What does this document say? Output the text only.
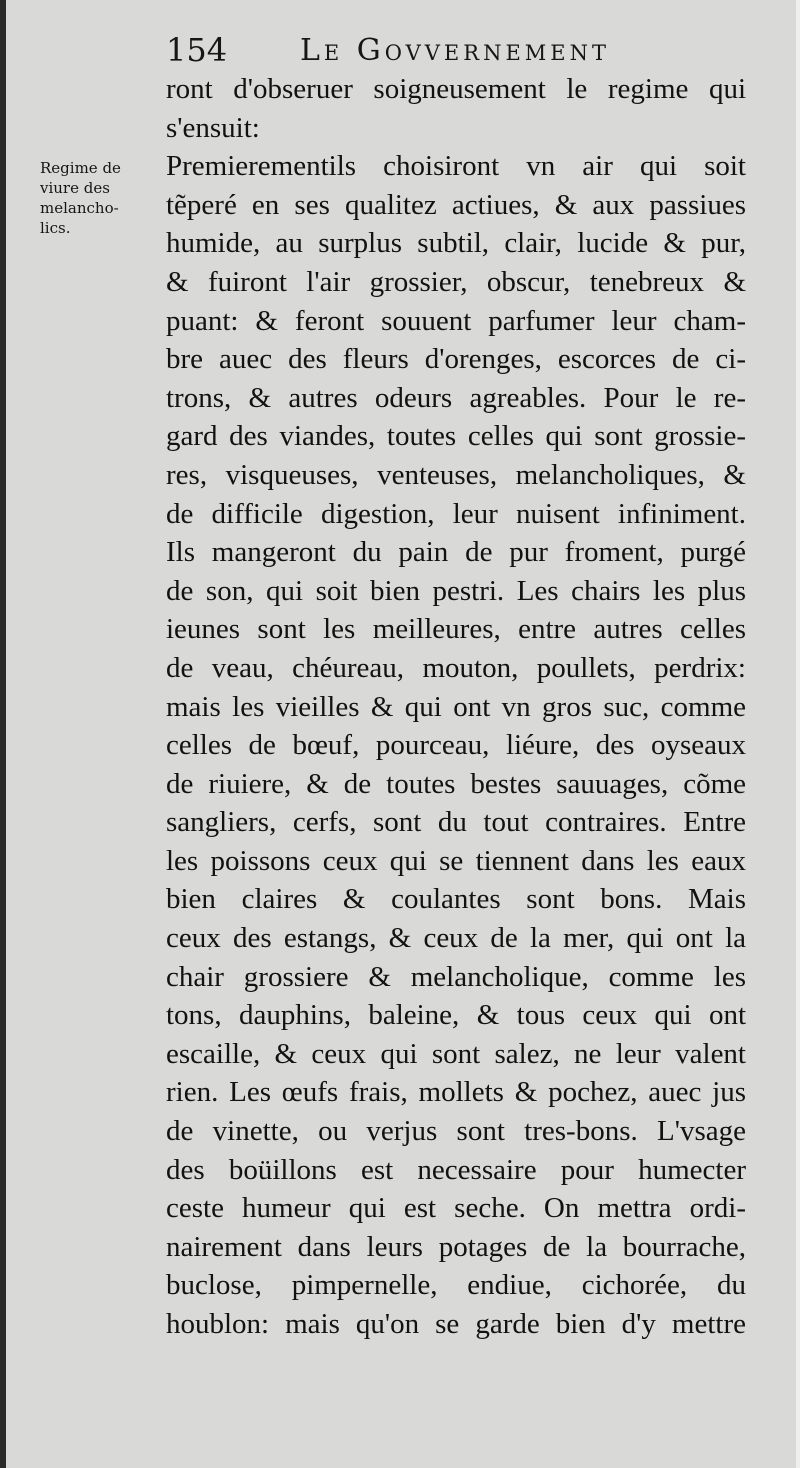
154 Le Govvernement
Regime de
viure des
melancho-
lics.
ront d'obseruer soigneusement le regime qui
s'ensuit:
Premierementils choisiront vn air qui soit
tẽperé en ses qualitez actiues, & aux passiues
humide, au surplus subtil, clair, lucide & pur,
& fuiront l'air grossier, obscur, tenebreux &
puant: & feront souuent parfumer leur cham-
bre auec des fleurs d'orenges, escorces de ci-
trons, & autres odeurs agreables. Pour le re-
gard des viandes, toutes celles qui sont grossie-
res, visqueuses, venteuses, melancholiques, &
de difficile digestion, leur nuisent infiniment.
Ils mangeront du pain de pur froment, purgé
de son, qui soit bien pestri. Les chairs les plus
ieunes sont les meilleures, entre autres celles
de veau, chéureau, mouton, poullets, perdrix:
mais les vieilles & qui ont vn gros suc, comme
celles de bœuf, pourceau, liéure, des oyseaux
de riuiere, & de toutes bestes sauuages, cõme
sangliers, cerfs, sont du tout contraires. Entre
les poissons ceux qui se tiennent dans les eaux
bien claires & coulantes sont bons. Mais
ceux des estangs, & ceux de la mer, qui ont la
chair grossiere & melancholique, comme les
tons, dauphins, baleine, & tous ceux qui ont
escaille, & ceux qui sont salez, ne leur valent
rien. Les œufs frais, mollets & pochez, auec jus
de vinette, ou verjus sont tres-bons. L'vsage
des boüillons est necessaire pour humecter
ceste humeur qui est seche. On mettra ordi-
nairement dans leurs potages de la bourrache,
buclose, pimpernelle, endiue, cichorée, du
houblon: mais qu'on se garde bien d'y mettre
